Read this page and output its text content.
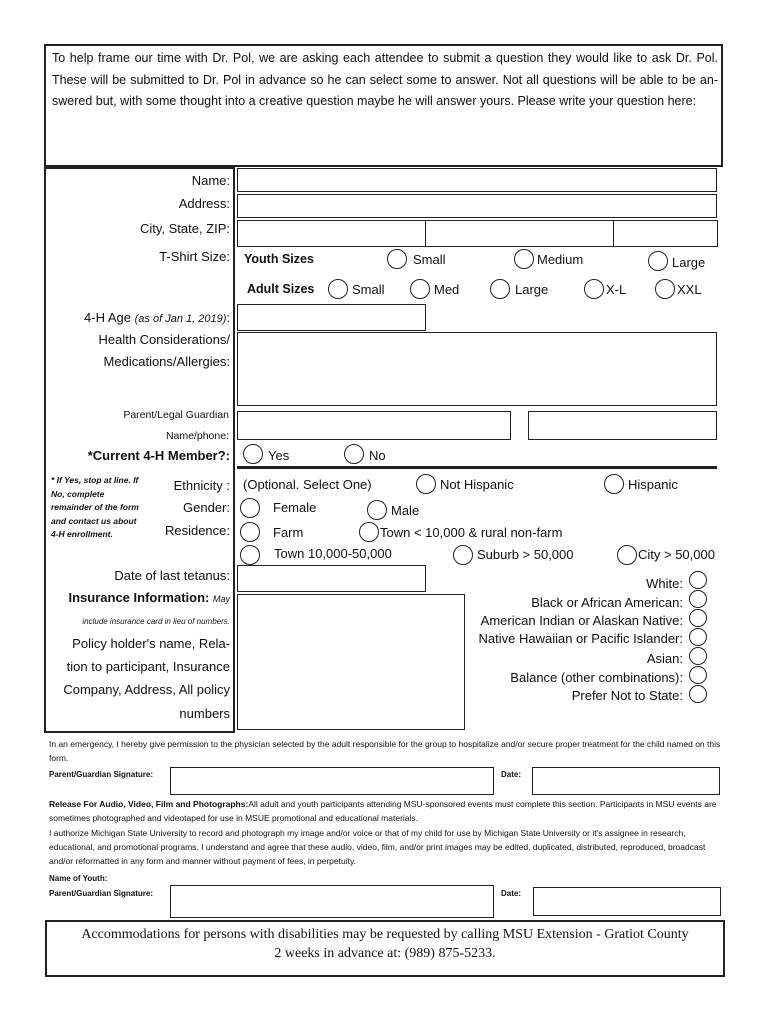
To help frame our time with Dr. Pol, we are asking each attendee to submit a question they would like to ask Dr. Pol. These will be submitted to Dr. Pol in advance so he can select some to answer. Not all questions will be able to be an-swered but, with some thought into a creative question maybe he will answer yours. Please write your question here:
Name:
Address:
City, State, ZIP:
T-Shirt Size: Youth Sizes	Small	Medium	Large
Adult Sizes	Small	Med	Large	X-L	XXL
4-H Age (as of Jan 1, 2019):
Health Considerations/
Medications/Allergies:
Parent/Legal Guardian
Name/phone:
*Current 4-H Member?:	Yes	No
* If Yes, stop at line. If No, complete remainder of the form and contact us about 4-H enrollment.
Ethnicity : (Optional. Select One)	Not Hispanic	Hispanic
Gender:	Female	Male
Residence:	Farm	Town < 10,000 & rural non-farm
Town 10,000-50,000	Suburb > 50,000	City > 50,000
Date of last tetanus:
Insurance Information: May
include insurance card in lieu of numbers.
Policy holder's name, Rela-
tion to participant, Insurance
Company, Address, All policy
numbers
White:
Black or African American:
American Indian or Alaskan Native:
Native Hawaiian or Pacific Islander:
Asian:
Balance (other combinations):
Prefer Not to State:
In an emergency, I hereby give permission to the physician selected by the adult responsible for the group to hospitalize and/or secure proper treatment for the child named on this form.
Parent/Guardian Signature:	Date:
Release For Audio, Video, Film and Photographs:All adult and youth participants attending MSU-sponsored events must complete this section. Participants in MSU events are sometimes photographed and videotaped for use in MSUE promotional and educational materials.
I authorize Michigan State University to record and photograph my image and/or voice or that of my child for use by Michigan State University or it's assignee in research, educational, and promotional programs. I understand and agree that these audio, video, film, and/or print images may be edited, duplicated, distributed, reproduced, broadcast and/or reformatted in any form and manner without payment of fees, in perpetuity.
Name of Youth:
Parent/Guardian Signature:	Date:
Accommodations for persons with disabilities may be requested by calling MSU Extension - Gratiot County
2 weeks in advance at: (989) 875-5233.
